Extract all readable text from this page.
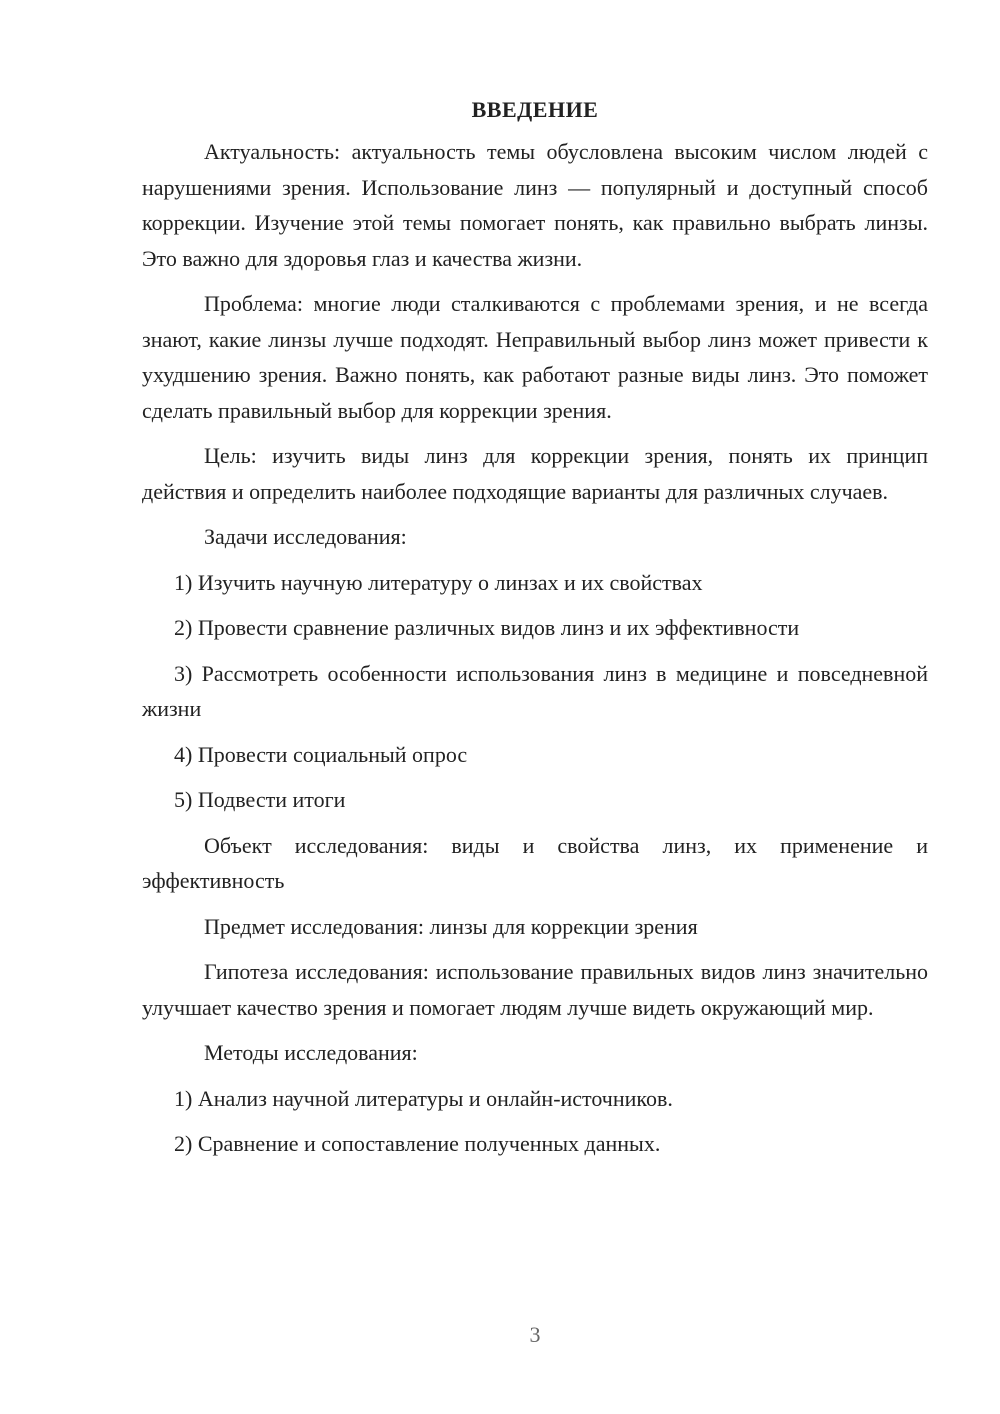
ВВЕДЕНИЕ

Актуальность: актуальность темы обусловлена высоким числом людей с нарушениями зрения. Использование линз — популярный и доступный способ коррекции. Изучение этой темы помогает понять, как правильно выбрать линзы. Это важно для здоровья глаз и качества жизни.

Проблема: многие люди сталкиваются с проблемами зрения, и не всегда знают, какие линзы лучше подходят. Неправильный выбор линз может привести к ухудшению зрения. Важно понять, как работают разные виды линз. Это поможет сделать правильный выбор для коррекции зрения.

Цель: изучить виды линз для коррекции зрения, понять их принцип действия и определить наиболее подходящие варианты для различных случаев.

Задачи исследования:

1) Изучить научную литературу о линзах и их свойствах

2) Провести сравнение различных видов линз и их эффективности

3) Рассмотреть особенности использования линз в медицине и повседневной жизни

4) Провести социальный опрос

5) Подвести итоги

Объект исследования: виды и свойства линз, их применение и эффективность

Предмет исследования: линзы для коррекции зрения

Гипотеза исследования: использование правильных видов линз значительно улучшает качество зрения и помогает людям лучше видеть окружающий мир.

Методы исследования:

1) Анализ научной литературы и онлайн-источников.

2) Сравнение и сопоставление полученных данных.

3
